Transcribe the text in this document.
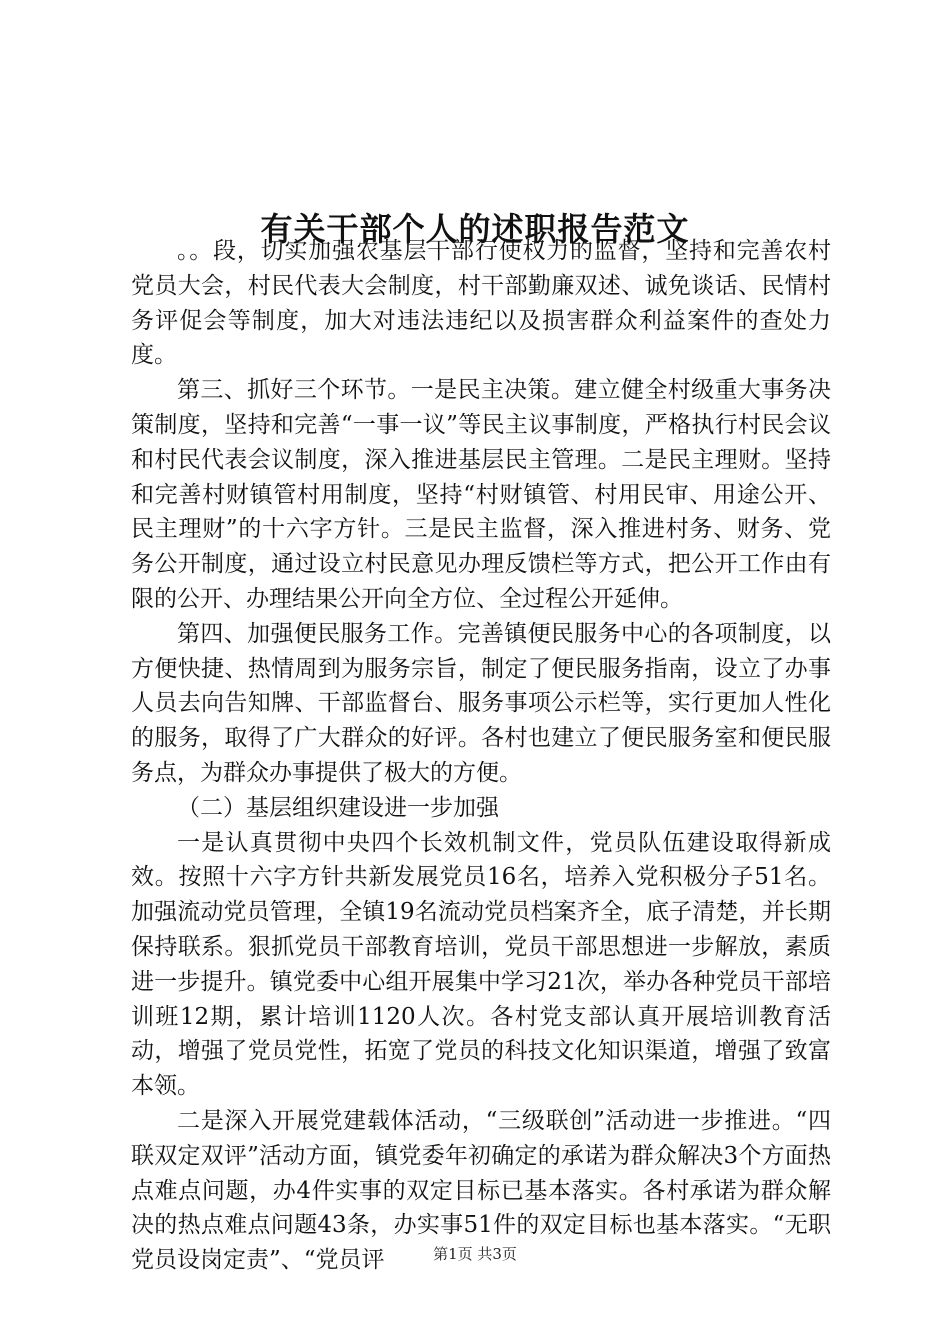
有关干部个人的述职报告范文

。。段，切实加强农基层干部行使权力的监督，坚持和完善农村党员大会，村民代表大会制度，村干部勤廉双述、诚免谈话、民情村务评促会等制度，加大对违法违纪以及损害群众利益案件的查处力度。

第三、抓好三个环节。一是民主决策。建立健全村级重大事务决策制度，坚持和完善“一事一议”等民主议事制度，严格执行村民会议和村民代表会议制度，深入推进基层民主管理。二是民主理财。坚持和完善村财镇管村用制度，坚持“村财镇管、村用民审、用途公开、民主理财”的十六字方针。三是民主监督，深入推进村务、财务、党务公开制度，通过设立村民意见办理反馈栏等方式，把公开工作由有限的公开、办理结果公开向全方位、全过程公开延伸。

第四、加强便民服务工作。完善镇便民服务中心的各项制度，以方便快捷、热情周到为服务宗旨，制定了便民服务指南，设立了办事人员去向告知牌、干部监督台、服务事项公示栏等，实行更加人性化的服务，取得了广大群众的好评。各村也建立了便民服务室和便民服务点，为群众办事提供了极大的方便。

（二）基层组织建设进一步加强

一是认真贯彻中央四个长效机制文件，党员队伍建设取得新成效。按照十六字方针共新发展党员16名，培养入党积极分子51名。加强流动党员管理，全镇19名流动党员档案齐全，底子清楚，并长期保持联系。狠抓党员干部教育培训，党员干部思想进一步解放，素质进一步提升。镇党委中心组开展集中学习21次，举办各种党员干部培训班12期，累计培训1120人次。各村党支部认真开展培训教育活动，增强了党员党性，拓宽了党员的科技文化知识渠道，增强了致富本领。

二是深入开展党建载体活动，“三级联创”活动进一步推进。“四联双定双评”活动方面，镇党委年初确定的承诺为群众解决3个方面热点难点问题，办4件实事的双定目标已基本落实。各村承诺为群众解决的热点难点问题43条，办实事51件的双定目标也基本落实。“无职党员设岗定责”、“党员评	第1页 共3页
